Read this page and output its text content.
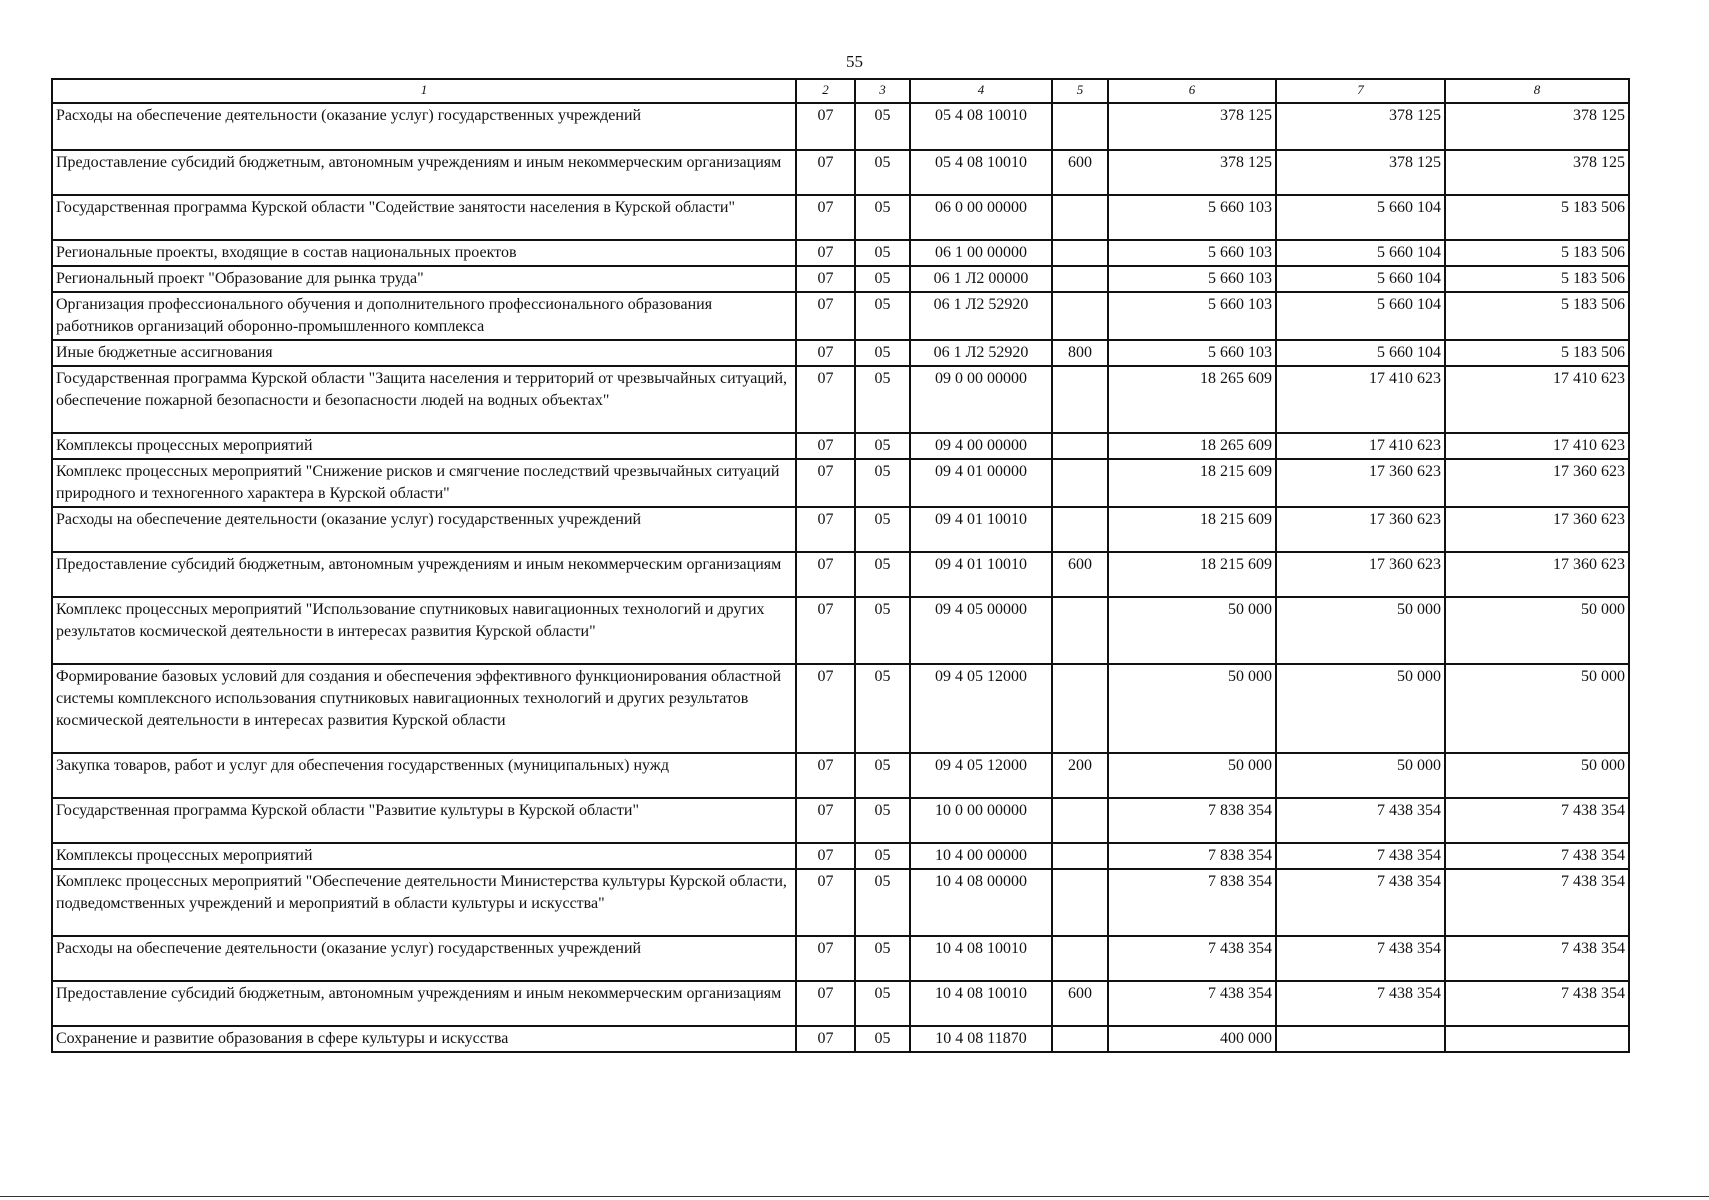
55
1	2	3	4	5	6	7	8
Расходы на обеспечение деятельности (оказание услуг) государственных учреждений	07	05	05 4 08 10010		378 125	378 125	378 125
Предоставление субсидий бюджетным, автономным учреждениям и иным некоммерческим организациям	07	05	05 4 08 10010	600	378 125	378 125	378 125
Государственная программа Курской области "Содействие занятости населения в Курской области"	07	05	06 0 00 00000		5 660 103	5 660 104	5 183 506
Региональные проекты, входящие в состав национальных проектов	07	05	06 1 00 00000		5 660 103	5 660 104	5 183 506
Региональный проект "Образование для рынка труда"	07	05	06 1 Л2 00000		5 660 103	5 660 104	5 183 506
Организация профессионального обучения и дополнительного профессионального образования работников организаций оборонно-промышленного комплекса	07	05	06 1 Л2 52920		5 660 103	5 660 104	5 183 506
Иные бюджетные ассигнования	07	05	06 1 Л2 52920	800	5 660 103	5 660 104	5 183 506
Государственная программа Курской области "Защита населения и территорий от чрезвычайных ситуаций, обеспечение пожарной безопасности и безопасности людей на водных объектах"	07	05	09 0 00 00000		18 265 609	17 410 623	17 410 623
Комплексы процессных мероприятий	07	05	09 4 00 00000		18 265 609	17 410 623	17 410 623
Комплекс процессных мероприятий "Снижение рисков и смягчение последствий чрезвычайных ситуаций природного и техногенного характера в Курской области"	07	05	09 4 01 00000		18 215 609	17 360 623	17 360 623
Расходы на обеспечение деятельности (оказание услуг) государственных учреждений	07	05	09 4 01 10010		18 215 609	17 360 623	17 360 623
Предоставление субсидий бюджетным, автономным учреждениям и иным некоммерческим организациям	07	05	09 4 01 10010	600	18 215 609	17 360 623	17 360 623
Комплекс процессных мероприятий "Использование спутниковых навигационных технологий и других результатов космической деятельности в интересах развития Курской области"	07	05	09 4 05 00000		50 000	50 000	50 000
Формирование базовых условий для создания и обеспечения эффективного функционирования областной системы комплексного использования спутниковых навигационных технологий и других результатов космической деятельности в интересах развития Курской области	07	05	09 4 05 12000		50 000	50 000	50 000
Закупка товаров, работ и услуг для обеспечения государственных (муниципальных) нужд	07	05	09 4 05 12000	200	50 000	50 000	50 000
Государственная программа Курской области "Развитие культуры в Курской области"	07	05	10 0 00 00000		7 838 354	7 438 354	7 438 354
Комплексы процессных мероприятий	07	05	10 4 00 00000		7 838 354	7 438 354	7 438 354
Комплекс процессных мероприятий "Обеспечение деятельности Министерства культуры Курской области, подведомственных учреждений и мероприятий в области культуры и искусства"	07	05	10 4 08 00000		7 838 354	7 438 354	7 438 354
Расходы на обеспечение деятельности (оказание услуг) государственных учреждений	07	05	10 4 08 10010		7 438 354	7 438 354	7 438 354
Предоставление субсидий бюджетным, автономным учреждениям и иным некоммерческим организациям	07	05	10 4 08 10010	600	7 438 354	7 438 354	7 438 354
Сохранение и развитие образования в сфере культуры и искусства	07	05	10 4 08 11870		400 000		
